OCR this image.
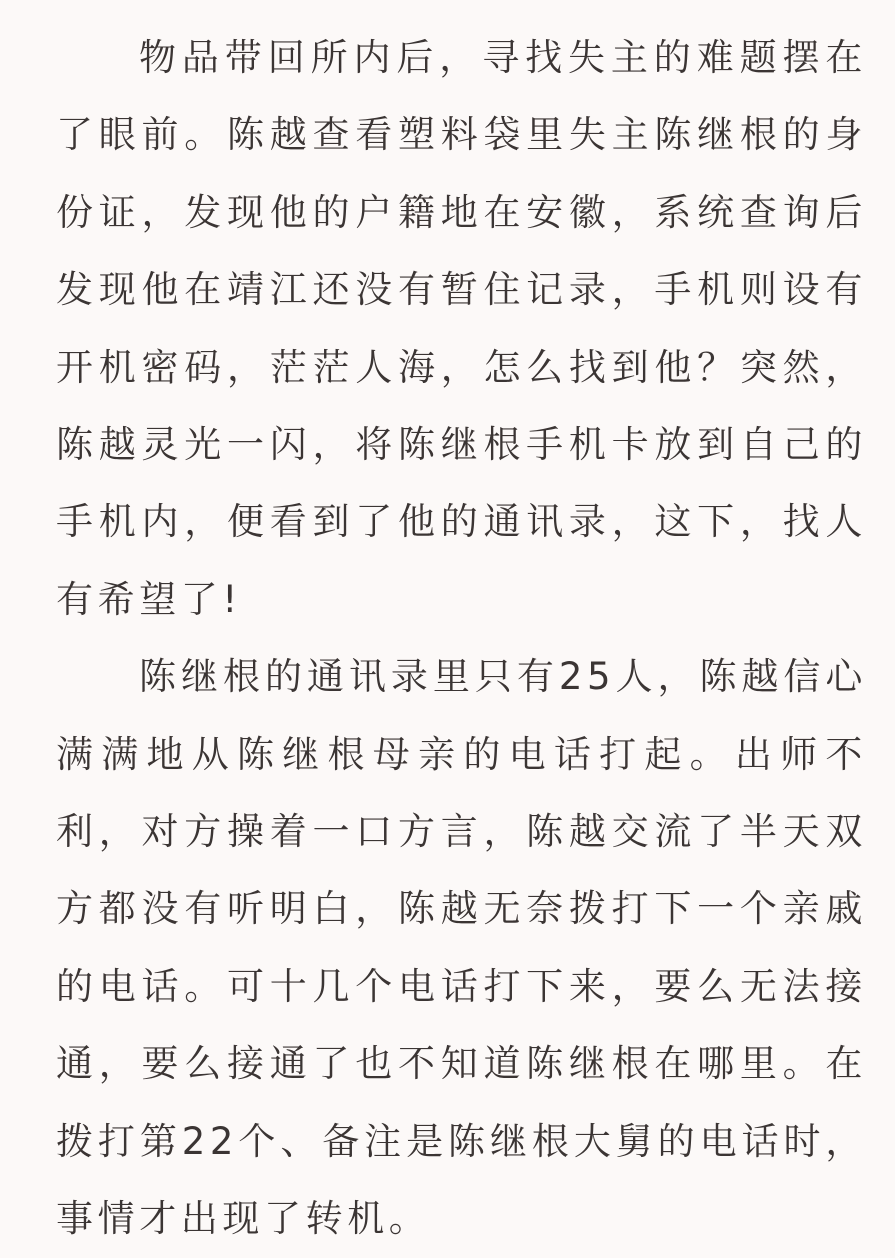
物品带回所内后，寻找失主的难题摆在了眼前。陈越查看塑料袋里失主陈继根的身份证，发现他的户籍地在安徽，系统查询后发现他在靖江还没有暂住记录，手机则设有开机密码，茫茫人海，怎么找到他？突然，陈越灵光一闪，将陈继根手机卡放到自己的手机内，便看到了他的通讯录，这下，找人有希望了!

陈继根的通讯录里只有25人，陈越信心满满地从陈继根母亲的电话打起。出师不利，对方操着一口方言，陈越交流了半天双方都没有听明白，陈越无奈拨打下一个亲戚的电话。可十几个电话打下来，要么无法接通，要么接通了也不知道陈继根在哪里。在拨打第22个、备注是陈继根大舅的电话时，事情才出现了转机。
